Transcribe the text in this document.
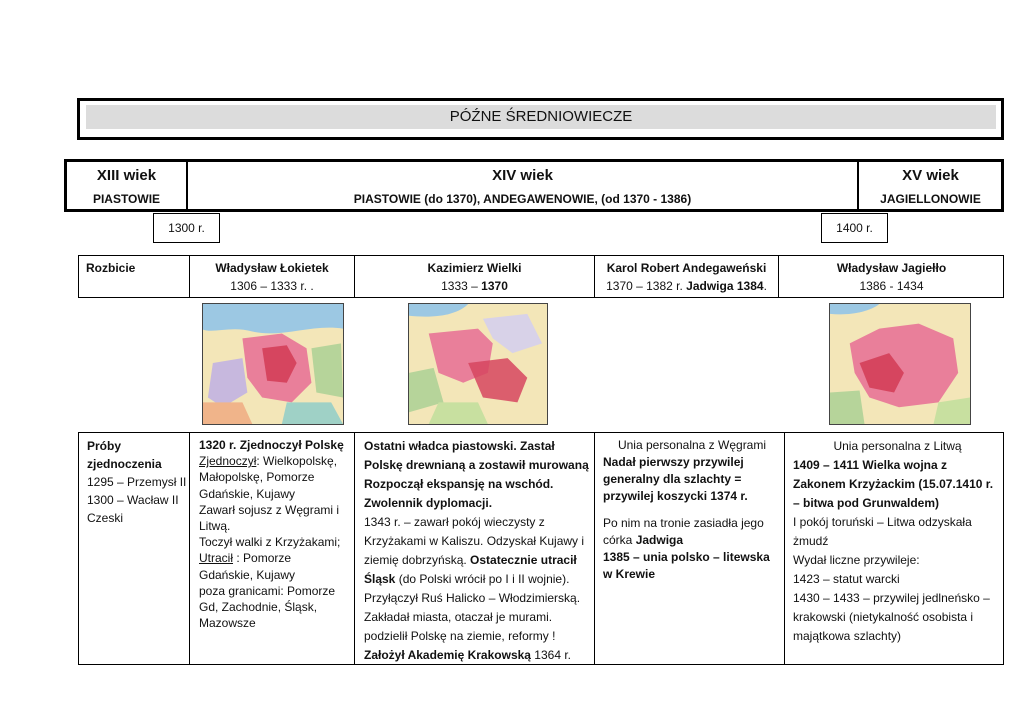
PÓŹNE ŚREDNIOWIECZE
XIII wiek
PIASTOWIE
XIV wiek
PIASTOWIE (do 1370), ANDEGAWENOWIE, (od 1370 - 1386)
XV wiek
JAGIELLONOWIE
1300 r.	1400 r.
Rozbicie	Władysław Łokietek
1306 – 1333 r. .
Kazimierz Wielki
1333 – 1370
Karol Robert Andegaweński
1370 – 1382 r. Jadwiga 1384.
Władysław Jagiełło
1386 - 1434

Próby

zjednoczenia

1295 – Przemysł II

1300 – Wacław II

Czeski

1320 r. Zjednoczył Polskę

Zjednoczył: Wielkopolskę,

Małopolskę, Pomorze

Gdańskie, Kujawy

Zawarł sojusz z Węgrami i

Litwą.

Toczył walki z Krzyżakami;

Utracił : Pomorze

Gdańskie, Kujawy

poza granicami: Pomorze

Gd, Zachodnie, Śląsk,

Mazowsze

Ostatni władca piastowski. Zastał

Polskę drewnianą a zostawił murowaną

Rozpoczął ekspansję na wschód.

Zwolennik dyplomacji.

1343 r. – zawarł pokój wieczysty z

Krzyżakami w Kaliszu. Odzyskał Kujawy i

ziemię dobrzyńską. Ostatecznie utracił

Śląsk (do Polski wrócił po I i II wojnie).

Przyłączył Ruś Halicko – Włodzimierską.

Zakładał miasta, otaczał je murami.

podzielił Polskę na ziemie, reformy !

Założył Akademię Krakowską 1364 r.

Unia personalna z Węgrami

Nadał pierwszy przywilej

generalny dla szlachty =

przywilej koszycki 1374 r.

Po nim na tronie zasiadła jego

córka Jadwiga

1385 – unia polsko – litewska

w Krewie

Unia personalna z Litwą

1409 – 1411 Wielka wojna z

Zakonem Krzyżackim (15.07.1410 r.

– bitwa pod Grunwaldem)

I pokój toruński – Litwa odzyskała

żmudź

Wydał liczne przywileje:

1423 – statut warcki

1430 – 1433 – przywilej jedlneńsko –

krakowski (nietykalność osobista i

majątkowa szlachty)
